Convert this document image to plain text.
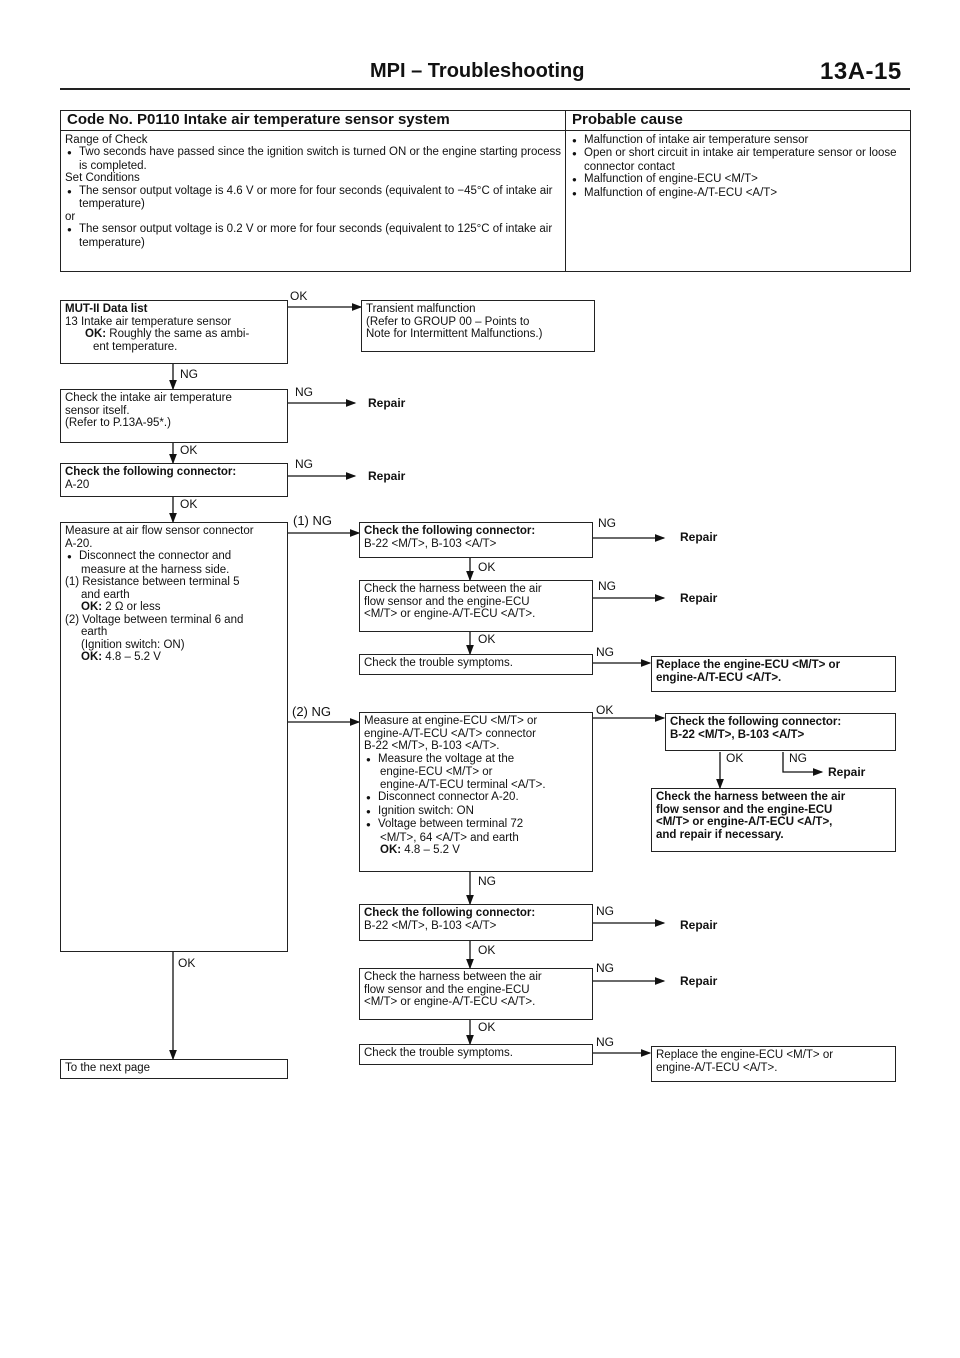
MPI – Troubleshooting	13A-15
Code No. P0110 Intake air temperature sensor system
Range of Check
● Two seconds have passed since the ignition switch is turned ON or the engine starting process is completed.
Set Conditions
● The sensor output voltage is 4.6 V or more for four seconds (equivalent to −45°C of intake air temperature)
or
● The sensor output voltage is 0.2 V or more for four seconds (equivalent to 125°C of intake air temperature)
Probable cause
● Malfunction of intake air temperature sensor
● Open or short circuit in intake air temperature sensor or loose connector contact
● Malfunction of engine-ECU <M/T>
● Malfunction of engine-A/T-ECU <A/T>
MUT-II Data list
13 Intake air temperature sensor
OK: Roughly the same as ambi-
ent temperature.
OK
Transient malfunction
(Refer to GROUP 00 – Points to
Note for Intermittent Malfunctions.)
NG
Check the intake air temperature
sensor itself.
(Refer to P.13A-95*.)
NG
Repair
OK
Check the following connector:
A-20
NG
Repair
OK
Measure at air flow sensor connector
A-20.
● Disconnect the connector and
measure at the harness side.
(1) Resistance between terminal 5
and earth
OK: 2 Ω or less
(2) Voltage between terminal 6 and
earth
(Ignition switch: ON)
OK: 4.8 – 5.2 V
(1) NG
(2) NG
OK
To the next page
Check the following connector:
B-22 <M/T>, B-103 <A/T>
NG
Repair
OK
Check the harness between the air
flow sensor and the engine-ECU
<M/T> or engine-A/T-ECU <A/T>.
NG
Repair
OK
Check the trouble symptoms.
NG
Replace the engine-ECU <M/T> or
engine-A/T-ECU <A/T>.
Measure at engine-ECU <M/T> or
engine-A/T-ECU <A/T> connector
B-22 <M/T>, B-103 <A/T>.
● Measure the voltage at the
engine-ECU <M/T> or
engine-A/T-ECU terminal <A/T>.
● Disconnect connector A-20.
● Ignition switch: ON
● Voltage between terminal 72
<M/T>, 64 <A/T> and earth
OK: 4.8 – 5.2 V
OK
Check the following connector:
B-22 <M/T>, B-103 <A/T>
OK	NG
Repair
Check the harness between the air
flow sensor and the engine-ECU
<M/T> or engine-A/T-ECU <A/T>,
and repair if necessary.
NG
Check the following connector:
B-22 <M/T>, B-103 <A/T>
NG
Repair
OK
Check the harness between the air
flow sensor and the engine-ECU
<M/T> or engine-A/T-ECU <A/T>.
NG
Repair
OK
Check the trouble symptoms.
NG
Replace the engine-ECU <M/T> or
engine-A/T-ECU <A/T>.
